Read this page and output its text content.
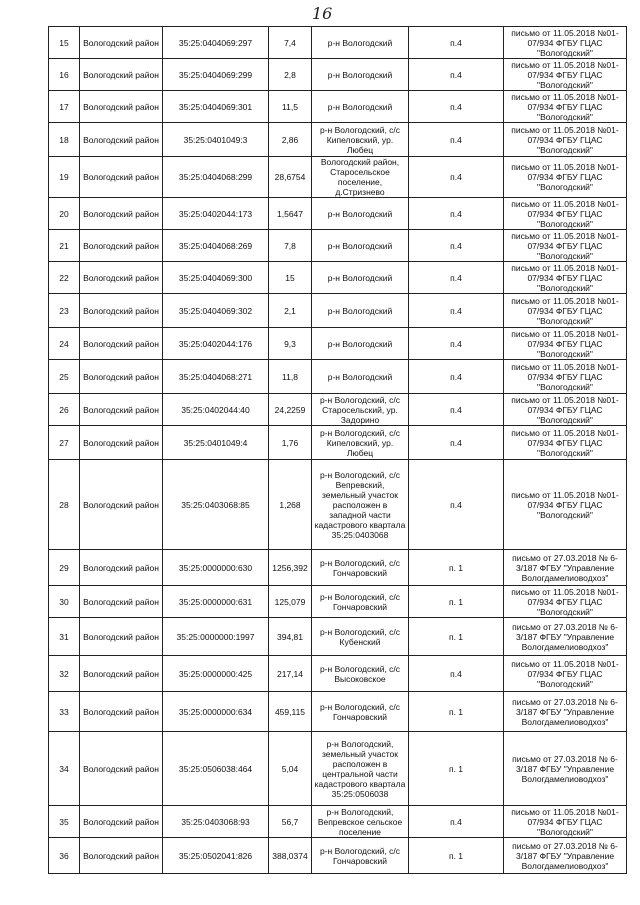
16
15	Вологодский район	35:25:0404069:297	7,4	р-н Вологодский	п.4	письмо от 11.05.2018 №01-07/934 ФГБУ ГЦАС "Вологодский"
16	Вологодский район	35:25:0404069:299	2,8	р-н Вологодский	п.4	письмо от 11.05.2018 №01-07/934 ФГБУ ГЦАС "Вологодский"
17	Вологодский район	35:25:0404069:301	11,5	р-н Вологодский	п.4	письмо от 11.05.2018 №01-07/934 ФГБУ ГЦАС "Вологодский"
18	Вологодский район	35:25:0401049:3	2,86	р-н Вологодский, с/с Кипеловский, ур. Любец	п.4	письмо от 11.05.2018 №01-07/934 ФГБУ ГЦАС "Вологодский"
19	Вологодский район	35:25:0404068:299	28,6754	Вологодский район, Старосельское поселение, д.Стризнево	п.4	письмо от 11.05.2018 №01-07/934 ФГБУ ГЦАС "Вологодский"
20	Вологодский район	35:25:0402044:173	1,5647	р-н Вологодский	п.4	письмо от 11.05.2018 №01-07/934 ФГБУ ГЦАС "Вологодский"
21	Вологодский район	35:25:0404068:269	7,8	р-н Вологодский	п.4	письмо от 11.05.2018 №01-07/934 ФГБУ ГЦАС "Вологодский"
22	Вологодский район	35:25:0404069:300	15	р-н Вологодский	п.4	письмо от 11.05.2018 №01-07/934 ФГБУ ГЦАС "Вологодский"
23	Вологодский район	35:25:0404069:302	2,1	р-н Вологодский	п.4	письмо от 11.05.2018 №01-07/934 ФГБУ ГЦАС "Вологодский"
24	Вологодский район	35:25:0402044:176	9,3	р-н Вологодский	п.4	письмо от 11.05.2018 №01-07/934 ФГБУ ГЦАС "Вологодский"
25	Вологодский район	35:25:0404068:271	11,8	р-н Вологодский	п.4	письмо от 11.05.2018 №01-07/934 ФГБУ ГЦАС "Вологодский"
26	Вологодский район	35:25:0402044:40	24,2259	р-н Вологодский, с/с Старосельский, ур. Задорино	п.4	письмо от 11.05.2018 №01-07/934 ФГБУ ГЦАС "Вологодский"
27	Вологодский район	35:25:0401049:4	1,76	р-н Вологодский, с/с Кипеловский, ур. Любец	п.4	письмо от 11.05.2018 №01-07/934 ФГБУ ГЦАС "Вологодский"
28	Вологодский район	35:25:0403068:85	1,268	р-н Вологодский, с/с Вепревский, земельный участок расположен в западной части кадастрового квартала 35:25:0403068	п.4	письмо от 11.05.2018 №01-07/934 ФГБУ ГЦАС "Вологодский"
29	Вологодский район	35:25:0000000:630	1256,392	р-н Вологодский, с/с Гончаровский	п. 1	письмо от 27.03.2018 № 6-3/187 ФГБУ "Управление Вологдамелиоводхоз"
30	Вологодский район	35:25:0000000:631	125,079	р-н Вологодский, с/с Гончаровский	п. 1	письмо от 11.05.2018 №01-07/934 ФГБУ ГЦАС "Вологодский"
31	Вологодский район	35:25:0000000:1997	394,81	р-н Вологодский, с/с Кубенский	п. 1	письмо от 27.03.2018 № 6-3/187 ФГБУ "Управление Вологдамелиоводхоз"
32	Вологодский район	35:25:0000000:425	217,14	р-н Вологодский, с/с Высоковское	п.4	письмо от 11.05.2018 №01-07/934 ФГБУ ГЦАС "Вологодский"
33	Вологодский район	35:25:0000000:634	459,115	р-н Вологодский, с/с Гончаровский	п. 1	письмо от 27.03.2018 № 6-3/187 ФГБУ "Управление Вологдамелиоводхоз"
34	Вологодский район	35:25:0506038:464	5,04	р-н Вологодский, земельный участок расположен в центральной части кадастрового квартала 35:25:0506038	п. 1	письмо от 27.03.2018 № 6-3/187 ФГБУ "Управление Вологдамелиоводхоз"
35	Вологодский район	35:25:0403068:93	56,7	р-н Вологодский, Вепревское сельское поселение	п.4	письмо от 11.05.2018 №01-07/934 ФГБУ ГЦАС "Вологодский"
36	Вологодский район	35:25:0502041:826	388,0374	р-н Вологодский, с/с Гончаровский	п. 1	письмо от 27.03.2018 № 6-3/187 ФГБУ "Управление Вологдамелиоводхоз"
